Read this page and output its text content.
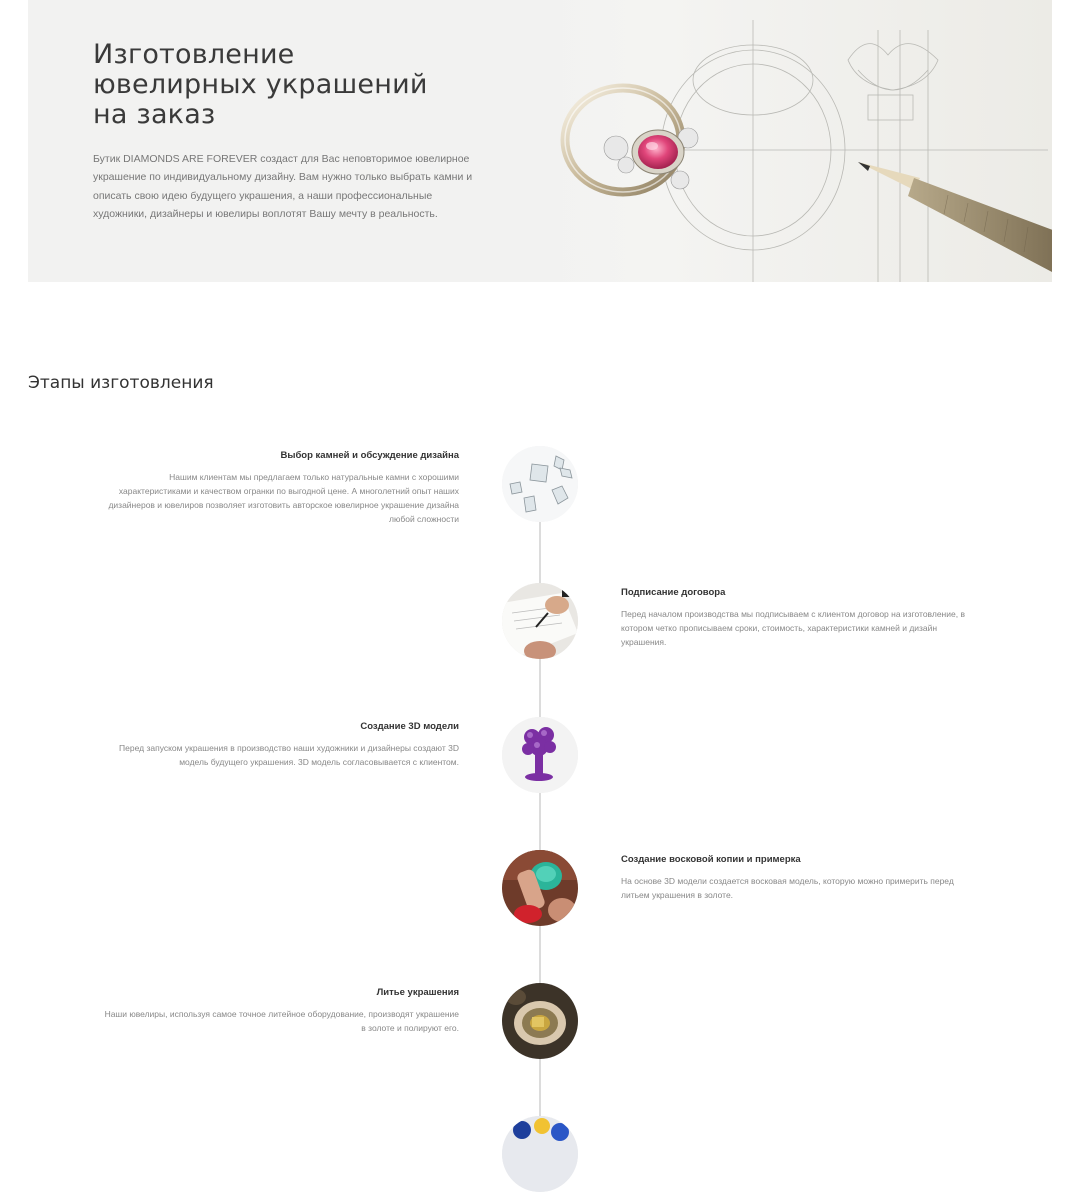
Изготовление
ювелирных украшений
на заказ

Бутик DIAMONDS ARE FOREVER создаст для Вас неповторимое ювелирное украшение по индивидуальному дизайну. Вам нужно только выбрать камни и описать свою идею будущего украшения, а наши профессиональные художники, дизайнеры и ювелиры воплотят Вашу мечту в реальность.

Этапы изготовления

Выбор камней и обсуждение дизайна

Нашим клиентам мы предлагаем только натуральные камни с хорошими характеристиками и качеством огранки по выгодной цене. А многолетний опыт наших дизайнеров и ювелиров позволяет изготовить авторское ювелирное украшение дизайна любой сложности

Подписание договора

Перед началом производства мы подписываем с клиентом договор на изготовление, в котором четко прописываем сроки, стоимость, характеристики камней и дизайн украшения.

Создание 3D модели

Перед запуском украшения в производство наши художники и дизайнеры создают 3D модель будущего украшения. 3D модель согласовывается с клиентом.

Создание восковой копии и примерка

На основе 3D модели создается восковая модель, которую можно примерить перед литьем украшения в золоте.

Литье украшения

Наши ювелиры, используя самое точное литейное оборудование, производят украшение в золоте и полируют его.
